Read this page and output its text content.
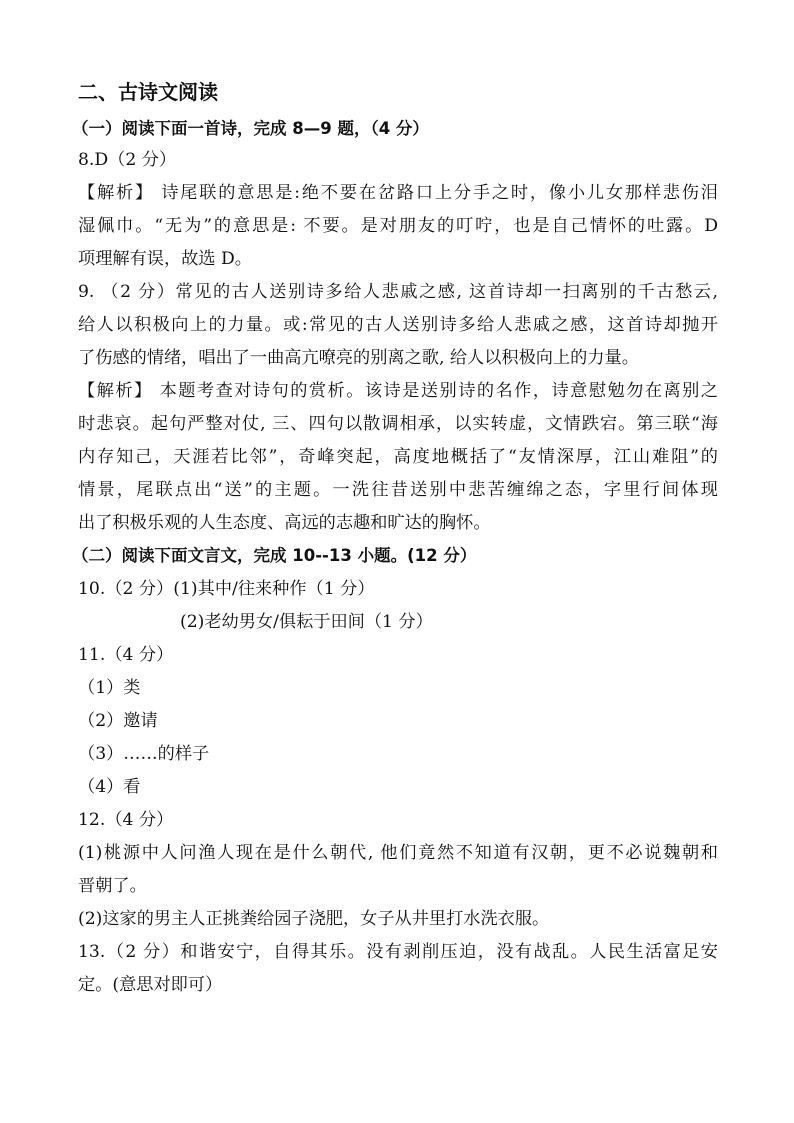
二、古诗文阅读

（一）阅读下面一首诗，完成 8—9 题，（4 分）

8.D（2 分）

【解析】 诗尾联的意思是:绝不要在岔路口上分手之时，像小儿女那样悲伤泪

湿佩巾。“无为”的意思是: 不要。是对朋友的叮咛，也是自己情怀的吐露。D

项理解有误，故选 D。

9. （2 分）常见的古人送别诗多给人悲戚之感, 这首诗却一扫离别的千古愁云,

给人以积极向上的力量。或:常见的古人送别诗多给人悲戚之感，这首诗却抛开

了伤感的情绪，唱出了一曲高亢嘹亮的别离之歌, 给人以积极向上的力量。

【解析】 本题考查对诗句的赏析。该诗是送别诗的名作，诗意慰勉勿在离别之

时悲哀。起句严整对仗, 三、四句以散调相承，以实转虚，文情跌宕。第三联“海

内存知己，天涯若比邻”，奇峰突起，高度地概括了“友情深厚，江山难阻”的

情景，尾联点出“送”的主题。一洗往昔送别中悲苦缠绵之态，字里行间体现

出了积极乐观的人生态度、高远的志趣和旷达的胸怀。

（二）阅读下面文言文，完成 10--13 小题。(12 分）

10.（2 分）(1)其中/往来种作（1 分）

(2)老幼男女/俱耘于田间（1 分）

11.（4 分）

（1）类

（2）邀请

（3）……的样子

（4）看

12.（4 分）

(1)桃源中人问渔人现在是什么朝代, 他们竟然不知道有汉朝，更不必说魏朝和

晋朝了。

(2)这家的男主人正挑粪给园子浇肥，女子从井里打水洗衣服。

13.（2 分）和谐安宁，自得其乐。没有剥削压迫，没有战乱。人民生活富足安

定。(意思对即可）
